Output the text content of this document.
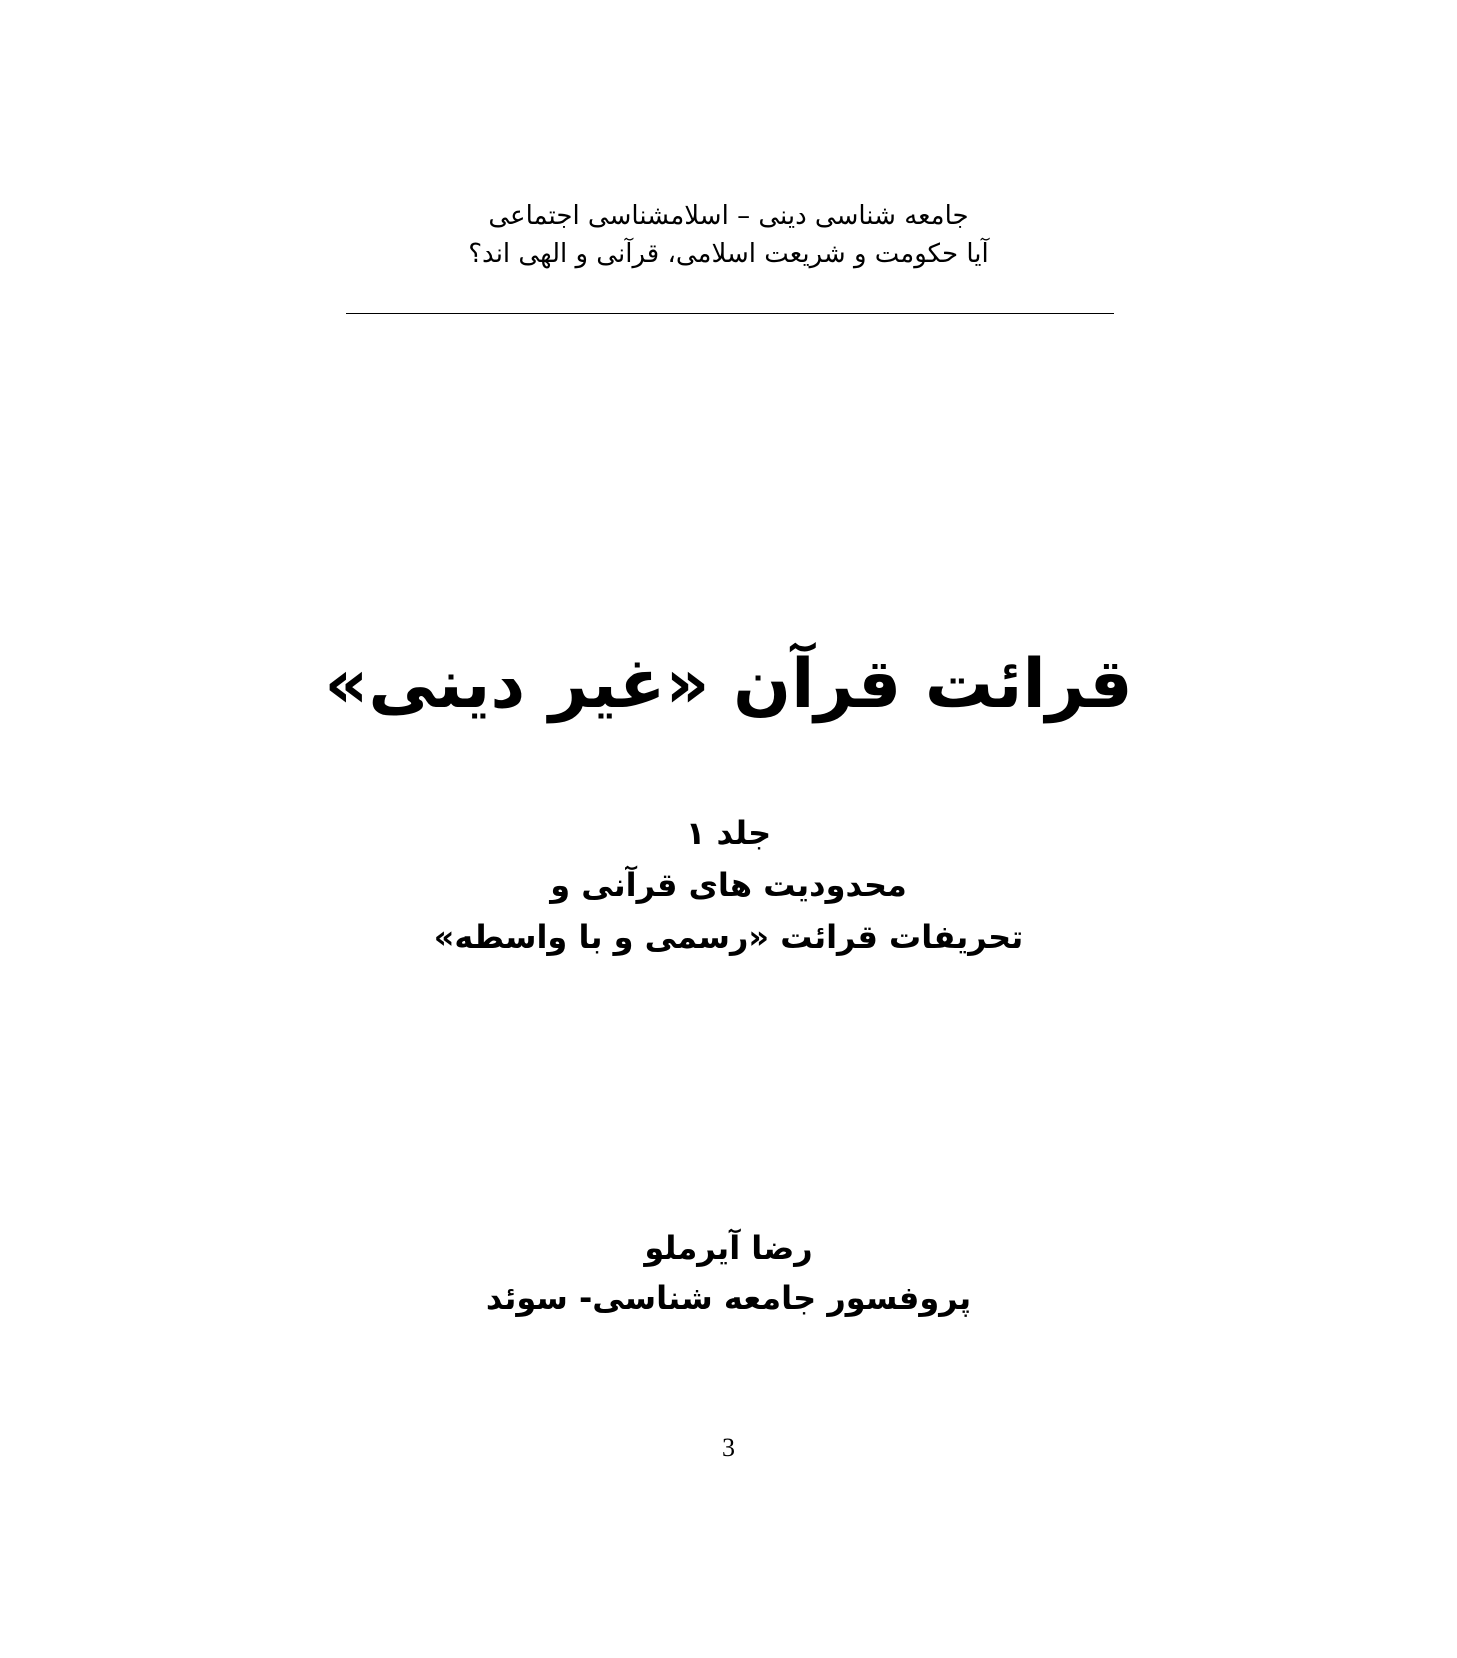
جامعه شناسی دینی – اسلامشناسی اجتماعی
آیا حکومت و شریعت اسلامی، قرآنی و الهی اند؟
قرائت قرآن «غیر دینی»
جلد ۱
محدودیت های قرآنی و
تحریفات قرائت «رسمی و با واسطه»
رضا آیرملو
پروفسور جامعه شناسی- سوئد
3
